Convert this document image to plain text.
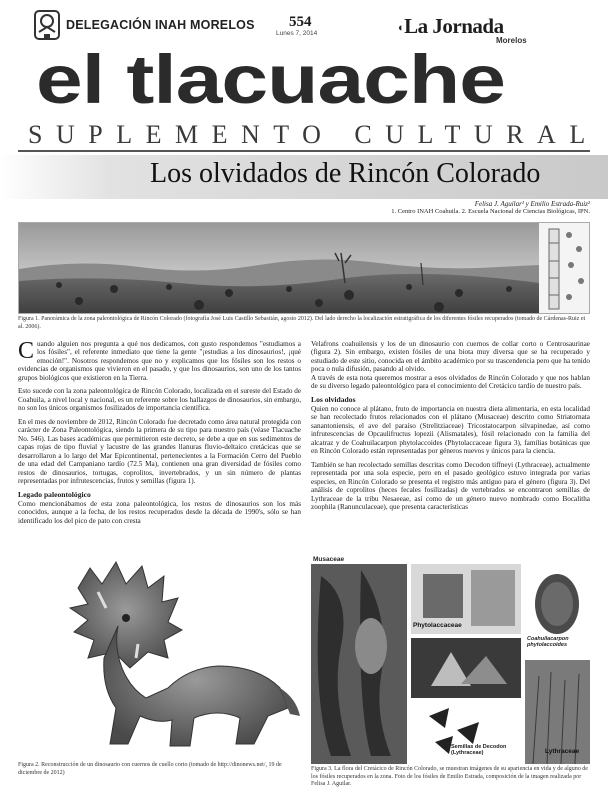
DELEGACIÓN INAH MORELOS 554
Lunes 7, 2014	◐La Jornada
Morelos
el tlacuache
SUPLEMENTO CULTURAL
Los olvidados de Rincón Colorado
Felisa J. Aguilar¹ y Emilio Estrada-Ruiz²
1. Centro INAH Coahuila. 2. Escuela Nacional de Ciencias Biológicas, IPN.
Figura 1. Panorámica de la zona paleontológica de Rincón Colorado (fotografía José Luis Castillo Sebastián, agosto 2012). Del lado derecho la localización estratigráfica de los diferentes fósiles recuperados (tomado de Cárdenas-Ruiz et al. 2006).

Cuando alguien nos pregunta a qué nos dedicamos, con gusto respondemos "estudiamos a los fósiles", el referente inmediato que tiene la gente "¡estudias a los dinosaurios!, ¡qué emoción!". Nosotros respondemos que no y explicamos que los fósiles son los restos o evidencias de organismos que vivieron en el pasado, y que los dinosaurios, son uno de los tantos grupos biológicos que existieron en la Tierra.

Esto sucede con la zona paleontológica de Rincón Colorado, localizada en el sureste del Estado de Coahuila, a nivel local y nacional, es un referente sobre los hallazgos de dinosaurios, sin embargo, no son los únicos organismos fosilizados de importancia científica.

En el mes de noviembre de 2012, Rincón Colorado fue decretado como área natural protegida con carácter de Zona Paleontológica, siendo la primera de su tipo para nuestro país (véase Tlacuache No. 546). Las bases académicas que permitieron este decreto, se debe a que en sus sedimentos de capas rojas de tipo fluvial y lacustre de las grandes llanuras fluvio-deltaico cretácicas que se desarrollaron a lo largo del Mar Epicontinental, pertenecientes a la Formación Cerro del Pueblo de una edad del Campaniano tardío (72.5 Ma), contienen una gran diversidad de fósiles como restos de dinosaurios, tortugas, coprolitos, invertebrados, y un sin número de plantas representadas por infrutescencias, frutos y semillas (figura 1).

Legado paleontológico

Como mencionábamos de esta zona paleontológica, los restos de dinosaurios son los más conocidos, aunque a la fecha, de los restos recuperados desde la década de 1990's, sólo se han identificado los del pico de pato con cresta

Velafrons coahuilensis y los de un dinosaurio con cuernos de collar corto o Centrosaurinae (figura 2). Sin embargo, existen fósiles de una biota muy diversa que se ha recuperado y estudiado de este sitio, conocida en el ámbito académico por su trascendencia pero que ha tenido poca o nula difusión, pasando al olvido.

A través de esta nota queremos mostrar a esos olvidados de Rincón Colorado y que nos hablan de su diverso legado paleontológico para el conocimiento del Cretácico tardío de nuestro país.

Los olvidados

Quien no conoce al plátano, fruto de importancia en nuestra dieta alimentaria, en esta localidad se han recolectado frutos relacionados con el plátano (Musaceae) descrito como Striatornata sanantoniensis, el ave del paraíso (Strelitziaceae) Tricostatocarpon silvapinedae, así como infrutescencias de Opcaulifructus lopezii (Alismatales), fósil relacionado con la familia del alcatraz y de Coahuilacarpon phytolaccoides (Phytolaccaceae figura 3), familias botánicas que en Rincón Colorado están representadas por géneros nuevos y únicos para la ciencia.

También se han recolectado semillas descritas como Decodon tiffneyi (Lythraceae), actualmente representada por una sola especie, pero en el pasado geológico estuvo integrada por varias especies, en Rincón Colorado se presenta el registro más antiguo para el género (figura 3). Del análisis de coprolitos (heces fecales fosilizadas) de vertebrados se encontraron semillas de Lythraceae de la tribu Nesaeeae, así como de un género nuevo nombrado como Bocalitha zoophila (Ranunculaceae), que presenta características

Figura 2. Reconstrucción de un dinosaurio con cuernos de cuello corto (tomado de http://dinonews.net/, 19 de diciembre de 2012)
Musaceae
Phytolaccaceae
Coahuilacarpon phytolaccoides
Semillas de Decodon (Lythraceae)	Lythraceae
Figura 3. La flora del Cretácico de Rincón Colorado, se muestran imágenes de su apariencia en vida y de alguno de los fósiles recuperados en la zona. Foto de los fósiles de Emilio Estrada, composición de la imagen realizada por Felisa J. Aguilar.
